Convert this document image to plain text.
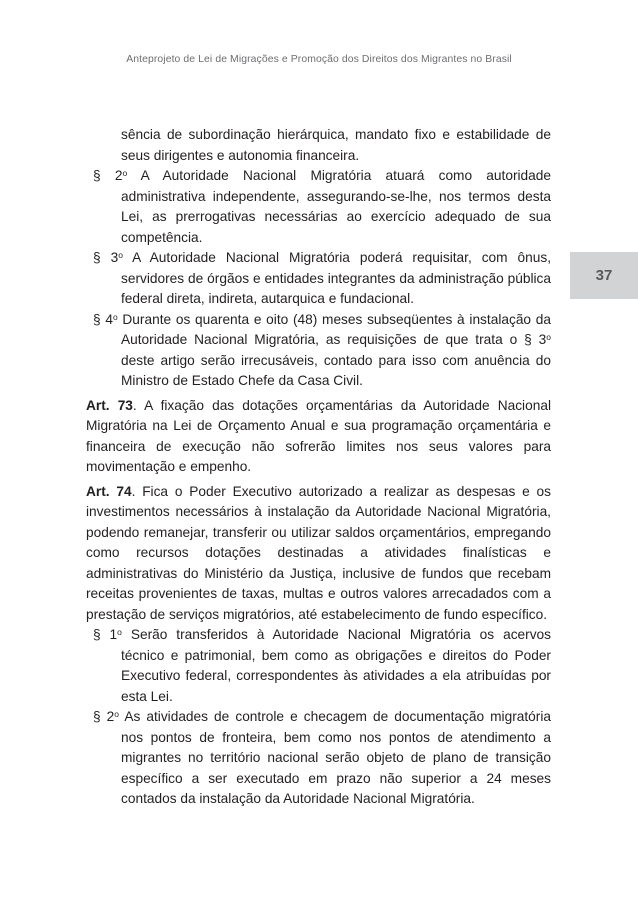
Anteprojeto de Lei de Migrações e Promoção dos Direitos dos Migrantes no Brasil
37

sência de subordinação hierárquica, mandato fixo e estabilidade de seus dirigentes e autonomia financeira.

§ 2$^o$ A Autoridade Nacional Migratória atuará como autoridade administrativa independente, assegurando-se-lhe, nos termos desta Lei, as prerrogativas necessárias ao exercício adequado de sua competência.

§ 3$^o$ A Autoridade Nacional Migratória poderá requisitar, com ônus, servidores de órgãos e entidades integrantes da administração pública federal direta, indireta, autarquica e fundacional.

§ 4$^o$ Durante os quarenta e oito (48) meses subseqüentes à instalação da Autoridade Nacional Migratória, as requisições de que trata o § 3$^o$ deste artigo serão irrecusáveis, contado para isso com anuência do Ministro de Estado Chefe da Casa Civil.

Art. 73. A fixação das dotações orçamentárias da Autoridade Nacional Migratória na Lei de Orçamento Anual e sua programação orçamentária e financeira de execução não sofrerão limites nos seus valores para movimentação e empenho.

Art. 74. Fica o Poder Executivo autorizado a realizar as despesas e os investimentos necessários à instalação da Autoridade Nacional Migratória, podendo remanejar, transferir ou utilizar saldos orçamentários, empregando como recursos dotações destinadas a atividades finalísticas e administrativas do Ministério da Justiça, inclusive de fundos que recebam receitas provenientes de taxas, multas e outros valores arrecadados com a prestação de serviços migratórios, até estabelecimento de fundo específico.

§ 1$^o$ Serão transferidos à Autoridade Nacional Migratória os acervos técnico e patrimonial, bem como as obrigações e direitos do Poder Executivo federal, correspondentes às atividades a ela atribuídas por esta Lei.

§ 2$^o$ As atividades de controle e checagem de documentação migratória nos pontos de fronteira, bem como nos pontos de atendimento a migrantes no território nacional serão objeto de plano de transição específico a ser executado em prazo não superior a 24 meses contados da instalação da Autoridade Nacional Migratória.
